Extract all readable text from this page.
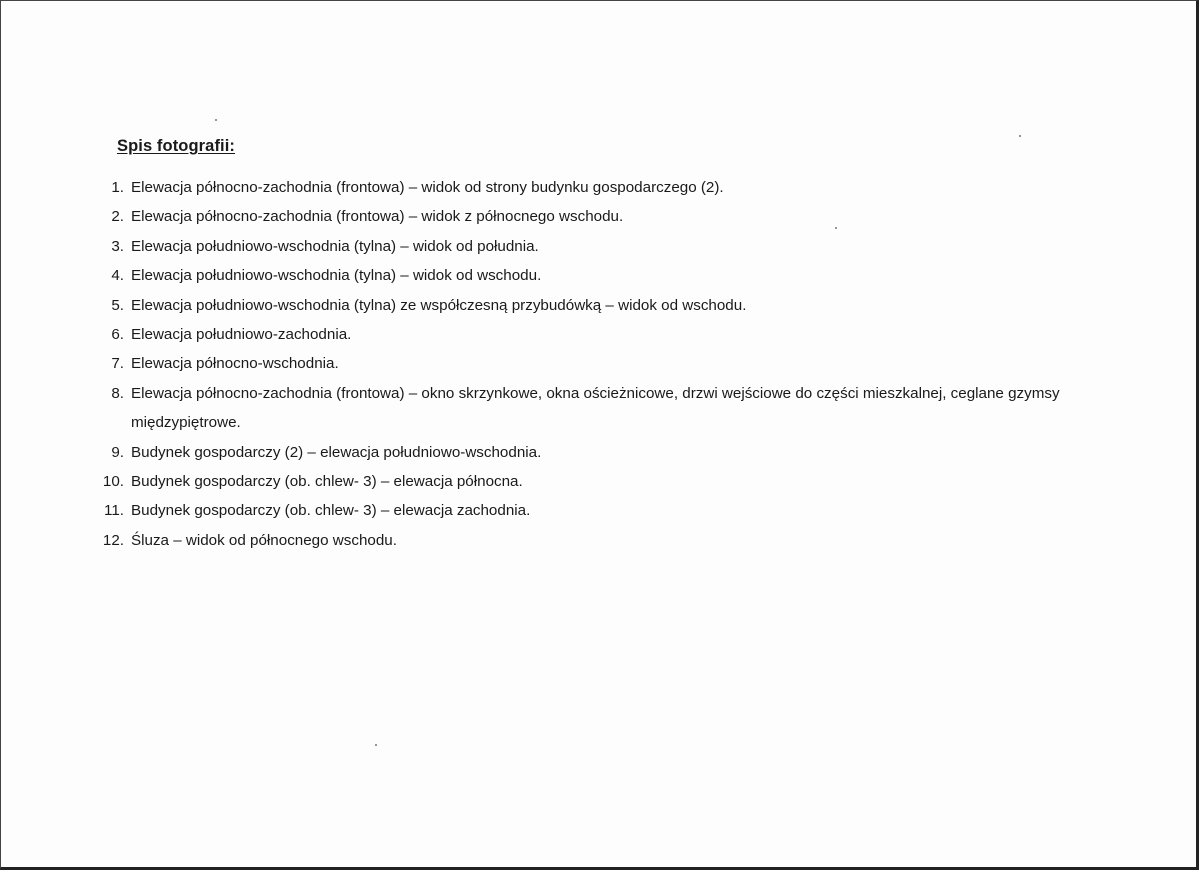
Spis fotografii:
1. Elewacja północno-zachodnia (frontowa) – widok od strony budynku gospodarczego (2).
2. Elewacja północno-zachodnia (frontowa) – widok z północnego wschodu.
3. Elewacja południowo-wschodnia (tylna) – widok od południa.
4. Elewacja południowo-wschodnia (tylna) – widok od wschodu.
5. Elewacja południowo-wschodnia (tylna) ze współczesną przybudówką – widok od wschodu.
6. Elewacja południowo-zachodnia.
7. Elewacja północno-wschodnia.
8. Elewacja północno-zachodnia (frontowa) – okno skrzynkowe, okna ościeżnicowe, drzwi wejściowe do części mieszkalnej, ceglane gzymsy międzypiętrowe.
9. Budynek gospodarczy (2) – elewacja południowo-wschodnia.
10. Budynek gospodarczy (ob. chlew- 3) – elewacja północna.
11. Budynek gospodarczy (ob. chlew- 3) – elewacja zachodnia.
12. Śluza – widok od północnego wschodu.
